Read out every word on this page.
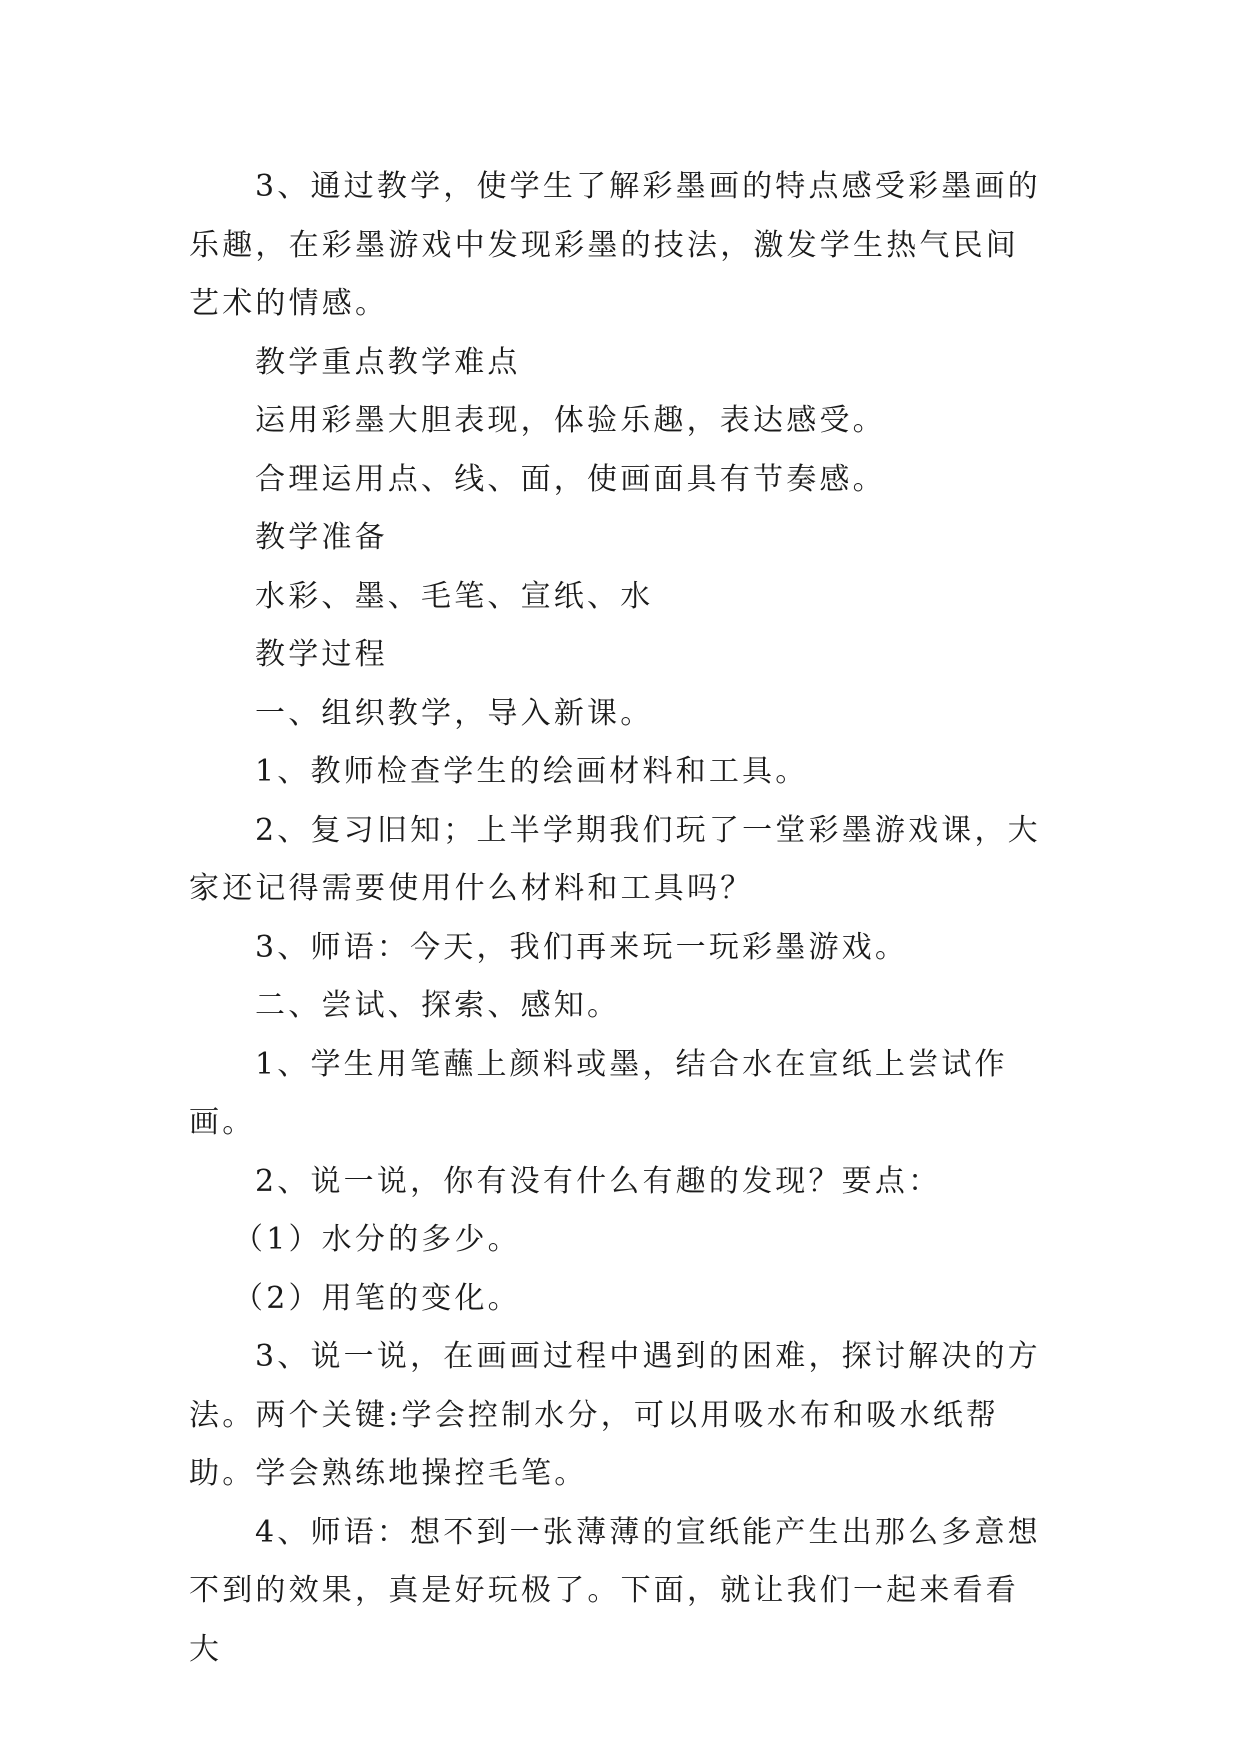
3、通过教学，使学生了解彩墨画的特点感受彩墨画的乐趣，在彩墨游戏中发现彩墨的技法，激发学生热气民间艺术的情感。

教学重点教学难点

运用彩墨大胆表现，体验乐趣，表达感受。

合理运用点、线、面，使画面具有节奏感。

教学准备

水彩、墨、毛笔、宣纸、水

教学过程

一、组织教学，导入新课。

1、教师检查学生的绘画材料和工具。

2、复习旧知；上半学期我们玩了一堂彩墨游戏课，大家还记得需要使用什么材料和工具吗？

3、师语：今天，我们再来玩一玩彩墨游戏。

二、尝试、探索、感知。

1、学生用笔蘸上颜料或墨，结合水在宣纸上尝试作画。

2、说一说，你有没有什么有趣的发现？要点：

（1）水分的多少。

（2）用笔的变化。

3、说一说，在画画过程中遇到的困难，探讨解决的方法。两个关键:学会控制水分，可以用吸水布和吸水纸帮助。学会熟练地操控毛笔。

4、师语：想不到一张薄薄的宣纸能产生出那么多意想不到的效果，真是好玩极了。下面，就让我们一起来看看大
